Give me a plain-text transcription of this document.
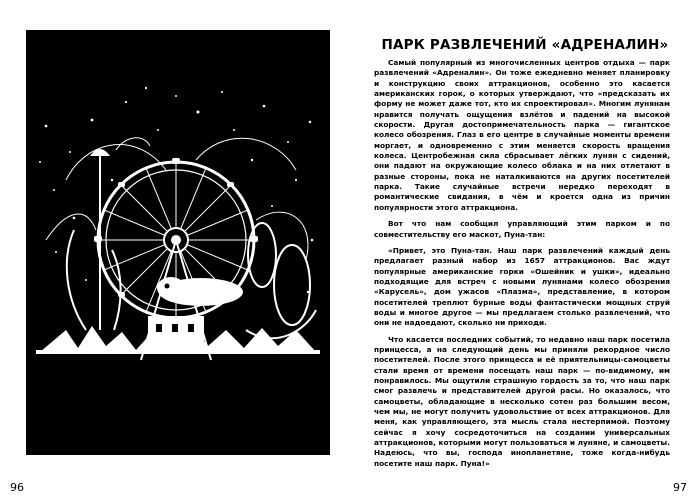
96
ПАРК РАЗВЛЕЧЕНИЙ «АДРЕНАЛИН»

Самый популярный из многочисленных центров отдыха — парк развлечений «Адреналин». Он тоже ежедневно меняет планировку и конструкцию своих аттракционов, особенно это касается американских горок, о которых утверждают, что «предсказать их форму не может даже тот, кто их спроектировал». Многим лунянам нравится получать ощущения взлётов и падений на высокой скорости. Другая достопримечательность парка — гигантское колесо обозрения. Глаз в его центре в случайные моменты времени моргает, и одновременно с этим меняется скорость вращения колеса. Центробежная сила сбрасывает лёгких лунян с сидений, они падают на окружающие колесо облака и на них отлетают в разные стороны, пока не наталкиваются на других посетителей парка. Такие случайные встречи нередко переходят в романтические свидания, в чём и кроется одна из причин популярности этого аттракциона.

Вот что нам сообщил управляющий этим парком и по совместительству его маскот, Пуна-тан:

«Привет, это Пуна-тан. Наш парк развлечений каждый день предлагает разный набор из 1657 аттракционов. Вас ждут популярные американские горки «Ошейник и ушки», идеально подходящие для встреч с новыми лунянами колесо обозрения «Карусель», дом ужасов «Плазма», представление, в котором посетителей треплют бурные воды фантастически мощных струй воды и многое другое — мы предлагаем столько развлечений, что они не надоедают, сколько ни приходи.

Что касается последних событий, то недавно наш парк посетила принцесса, а на следующий день мы приняли рекордное число посетителей. После этого принцесса и её приятельницы-самоцветы стали время от времени посещать наш парк — по-видимому, им понравилось. Мы ощутили страшную гордость за то, что наш парк смог развлечь и представителей другой расы. Но оказалось, что самоцветы, обладающие в несколько сотен раз большим весом, чем мы, не могут получить удовольствие от всех аттракционов. Для меня, как управляющего, эта мысль стала нестерпимой. Поэтому сейчас я хочу сосредоточиться на создании универсальных аттракционов, которыми могут пользоваться и луняне, и самоцветы. Надеюсь, что вы, господа инопланетяне, тоже когда-нибудь посетите наш парк. Пуна!»

97
